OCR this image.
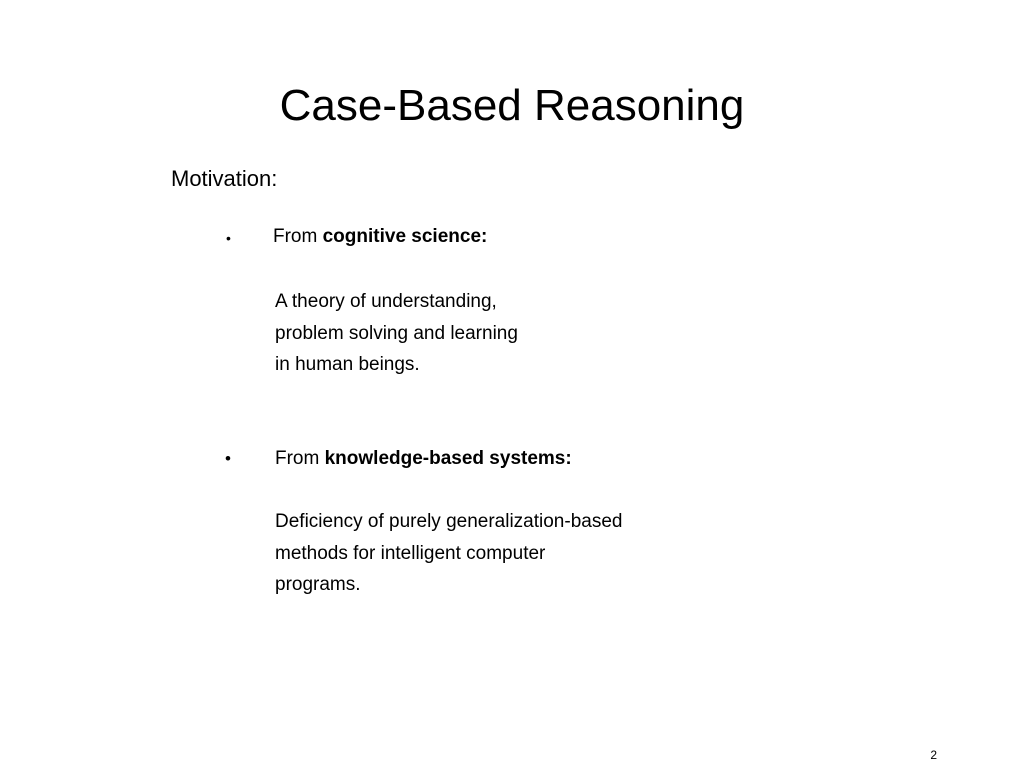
Case-Based Reasoning
Motivation:
• From cognitive science:
A theory of understanding,
problem solving and learning
in human beings.
• From knowledge-based systems:
Deficiency of purely generalization-based
methods for intelligent computer
programs.
2
